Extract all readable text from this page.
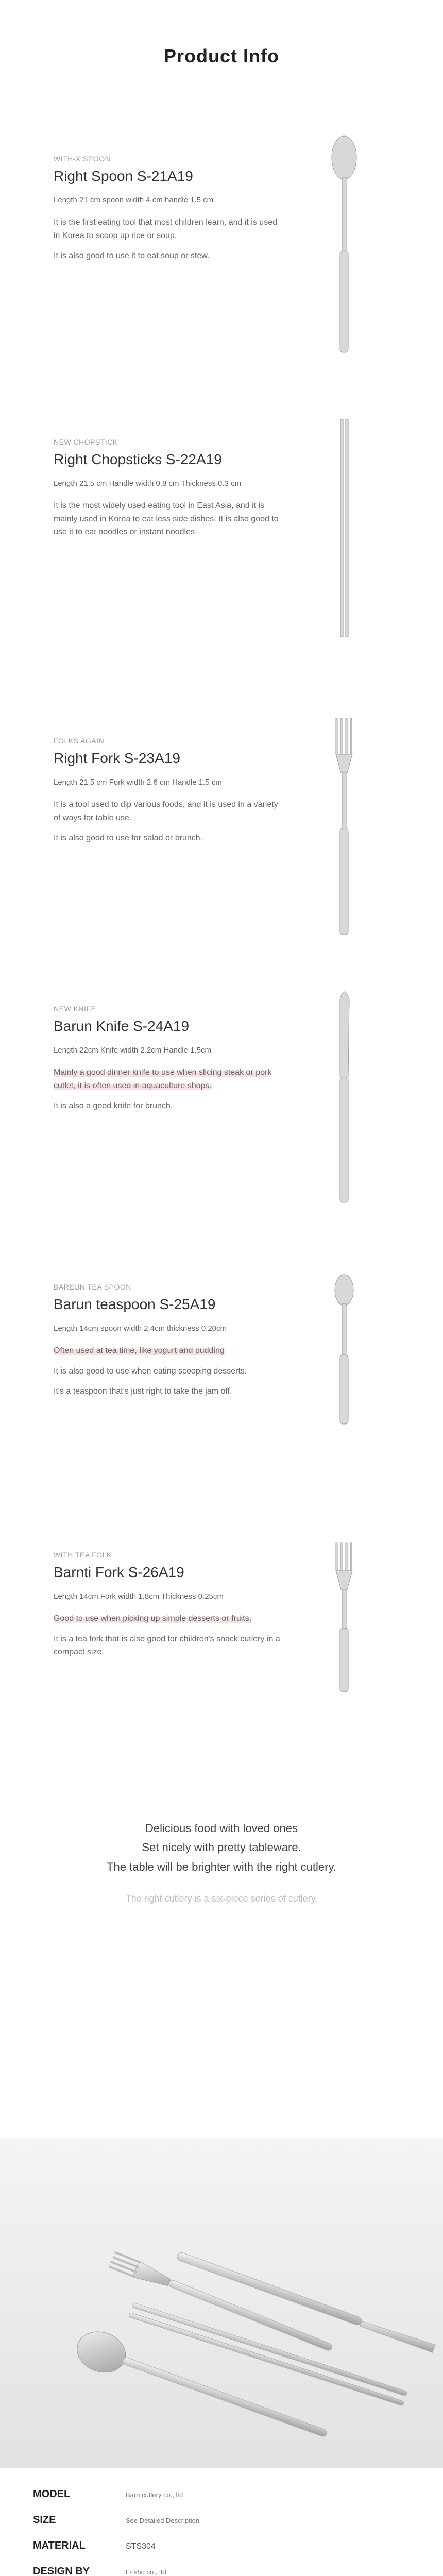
Product Info
WITH-X SPOON
Right Spoon S-21A19
Length 21 cm spoon width 4 cm handle 1.5 cm

It is the first eating tool that most children learn, and it is used in Korea to scoop up rice or soup.

It is also good to use it to eat soup or stew.

NEW CHOPSTICK
Right Chopsticks S-22A19
Length 21.5 cm Handle width 0.8 cm Thickness 0.3 cm

It is the most widely used eating tool in East Asia, and it is mainly used in Korea to eat less side dishes. It is also good to use it to eat noodles or instant noodles.

FOLKS AGAIN
Right Fork S-23A19
Length 21.5 cm Fork width 2.6 cm Handle 1.5 cm

It is a tool used to dip various foods, and it is used in a variety of ways for table use.

It is also good to use for salad or brunch.

NEW KNIFE
Barun Knife S-24A19
Length 22cm Knife width 2.2cm Handle 1.5cm

Mainly a good dinner knife to use when slicing steak or pork cutlet, it is often used in aquaculture shops.

It is also a good knife for brunch.

BAREUN TEA SPOON
Barun teaspoon S-25A19
Length 14cm spoon width 2.4cm thickness 0.20cm

Often used at tea time, like yogurt and pudding

It is also good to use when eating scooping desserts.

It's a teaspoon that's just right to take the jam off.

WITH TEA FOLK
Barnti Fork S-26A19
Length 14cm Fork width 1.8cm Thickness 0.25cm

Good to use when picking up simple desserts or fruits,

It is a tea fork that is also good for children's snack cutlery in a compact size.

Delicious food with loved ones
Set nicely with pretty tableware.
The table will be brighter with the right cutlery.
The right cutlery is a six-piece series of cutlery.
MODEL	Barn cutlery co., ltd
SIZE	See Detailed Description
MATERIAL	STS304
DESIGN BY	Erisho co., ltd
